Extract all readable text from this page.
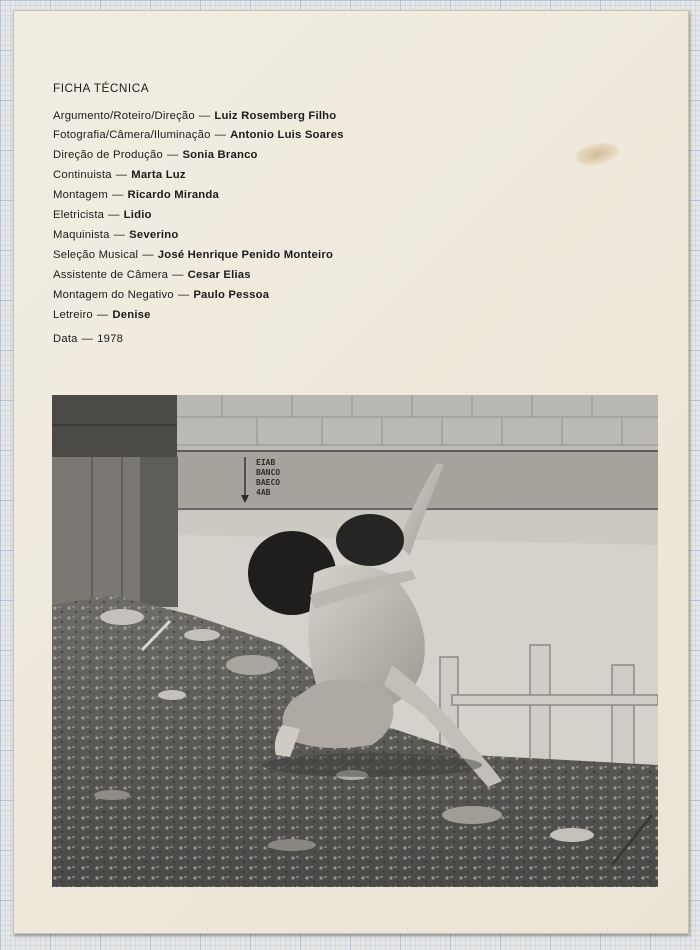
FICHA TÉCNICA
Argumento/Roteiro/Direção — Luiz Rosemberg Filho
Fotografia/Câmera/Iluminação — Antonio Luis Soares
Direção de Produção — Sonia Branco
Continuista — Marta Luz
Montagem — Ricardo Miranda
Eletricista — Lidio
Maquinista — Severino
Seleção Musical — José Henrique Penido Monteiro
Assistente de Câmera — Cesar Elias
Montagem do Negativo — Paulo Pessoa
Letreiro — Denise
Data — 1978
EIAB
BANCO
BAECO
4AB
